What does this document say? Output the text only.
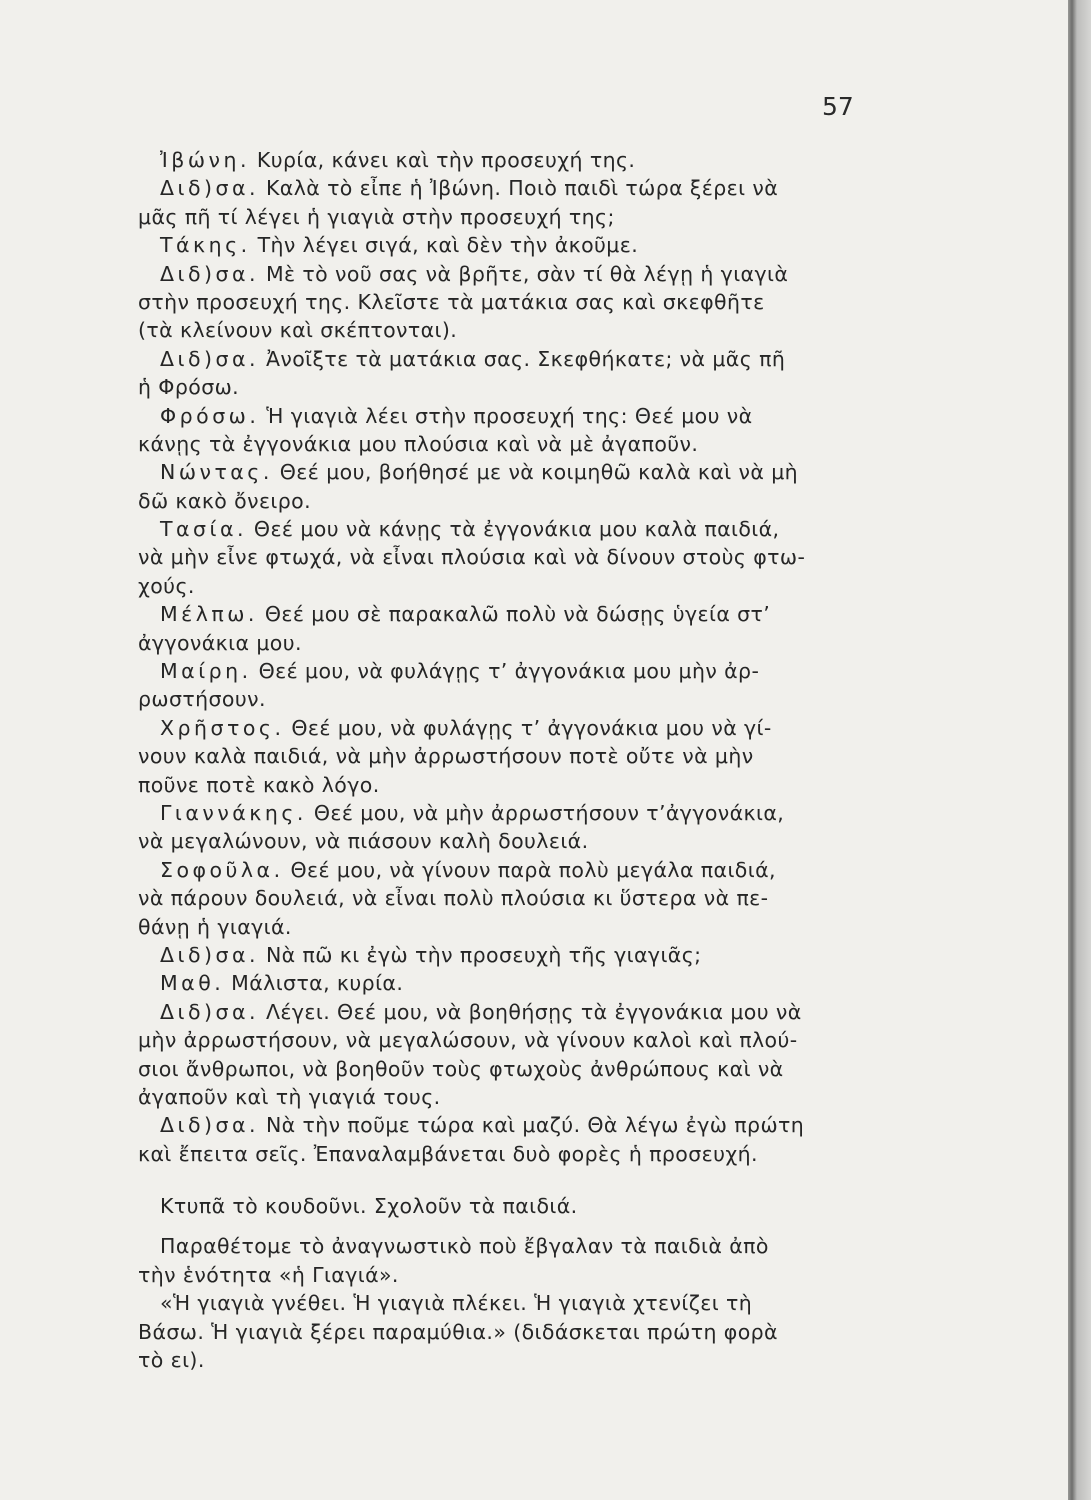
57
Ἰβώνη. Κυρία, κάνει καὶ τὴν προσευχή της.
Διδ)σα. Καλὰ τὸ εἶπε ἡ Ἰβώνη. Ποιὸ παιδὶ τώρα ξέρει νὰ
μᾶς πῆ τί λέγει ἡ γιαγιὰ στὴν προσευχή της;
Τάκης. Τὴν λέγει σιγά, καὶ δὲν τὴν ἀκοῦμε.
Διδ)σα. Μὲ τὸ νοῦ σας νὰ βρῆτε, σὰν τί θὰ λέγῃ ἡ γιαγιὰ
στὴν προσευχή της. Κλεῖστε τὰ ματάκια σας καὶ σκεφθῆτε
(τὰ κλείνουν καὶ σκέπτονται).
Διδ)σα. Ἀνοῖξτε τὰ ματάκια σας. Σκεφθήκατε; νὰ μᾶς πῆ
ἡ Φρόσω.
Φρόσω. Ἡ γιαγιὰ λέει στὴν προσευχή της: Θεέ μου νὰ
κάνῃς τὰ ἐγγονάκια μου πλούσια καὶ νὰ μὲ ἀγαποῦν.
Νώντας. Θεέ μου, βοήθησέ με νὰ κοιμηθῶ καλὰ καὶ νὰ μὴ
δῶ κακὸ ὄνειρο.
Τασία. Θεέ μου νὰ κάνῃς τὰ ἐγγονάκια μου καλὰ παιδιά,
νὰ μὴν εἶνε φτωχά, νὰ εἶναι πλούσια καὶ νὰ δίνουν στοὺς φτω-
χούς.
Μέλπω. Θεέ μου σὲ παρακαλῶ πολὺ νὰ δώσῃς ὑγεία στ’
ἀγγονάκια μου.
Μαίρη. Θεέ μου, νὰ φυλάγῃς τ’ ἀγγονάκια μου μὴν ἀρ-
ρωστήσουν.
Χρῆστος. Θεέ μου, νὰ φυλάγῃς τ’ ἀγγονάκια μου νὰ γί-
νουν καλὰ παιδιά, νὰ μὴν ἀρρωστήσουν ποτὲ οὔτε νὰ μὴν
ποῦνε ποτὲ κακὸ λόγο.
Γιαννάκης. Θεέ μου, νὰ μὴν ἀρρωστήσουν τ’ἀγγονάκια,
νὰ μεγαλώνουν, νὰ πιάσουν καλὴ δουλειά.
Σοφοῦλα. Θεέ μου, νὰ γίνουν παρὰ πολὺ μεγάλα παιδιά,
νὰ πάρουν δουλειά, νὰ εἶναι πολὺ πλούσια κι ὕστερα νὰ πε-
θάνῃ ἡ γιαγιά.
Διδ)σα. Νὰ πῶ κι ἐγὼ τὴν προσευχὴ τῆς γιαγιᾶς;
Μαθ. Μάλιστα, κυρία.
Διδ)σα. Λέγει. Θεέ μου, νὰ βοηθήσῃς τὰ ἐγγονάκια μου νὰ
μὴν ἀρρωστήσουν, νὰ μεγαλώσουν, νὰ γίνουν καλοὶ καὶ πλού-
σιοι ἄνθρωποι, νὰ βοηθοῦν τοὺς φτωχοὺς ἀνθρώπους καὶ νὰ
ἀγαποῦν καὶ τὴ γιαγιά τους.
Διδ)σα. Νὰ τὴν ποῦμε τώρα καὶ μαζύ. Θὰ λέγω ἐγὼ πρώτη
καὶ ἔπειτα σεῖς. Ἐπαναλαμβάνεται δυὸ φορὲς ἡ προσευχή.
Κτυπᾶ τὸ κουδοῦνι. Σχολοῦν τὰ παιδιά.
Παραθέτομε τὸ ἀναγνωστικὸ ποὺ ἔβγαλαν τὰ παιδιὰ ἀπὸ
τὴν ἑνότητα «ἡ Γιαγιά».
«Ἡ γιαγιὰ γνέθει. Ἡ γιαγιὰ πλέκει. Ἡ γιαγιὰ χτενίζει τὴ
Βάσω. Ἡ γιαγιὰ ξέρει παραμύθια.» (διδάσκεται πρώτη φορὰ
τὸ ει).
